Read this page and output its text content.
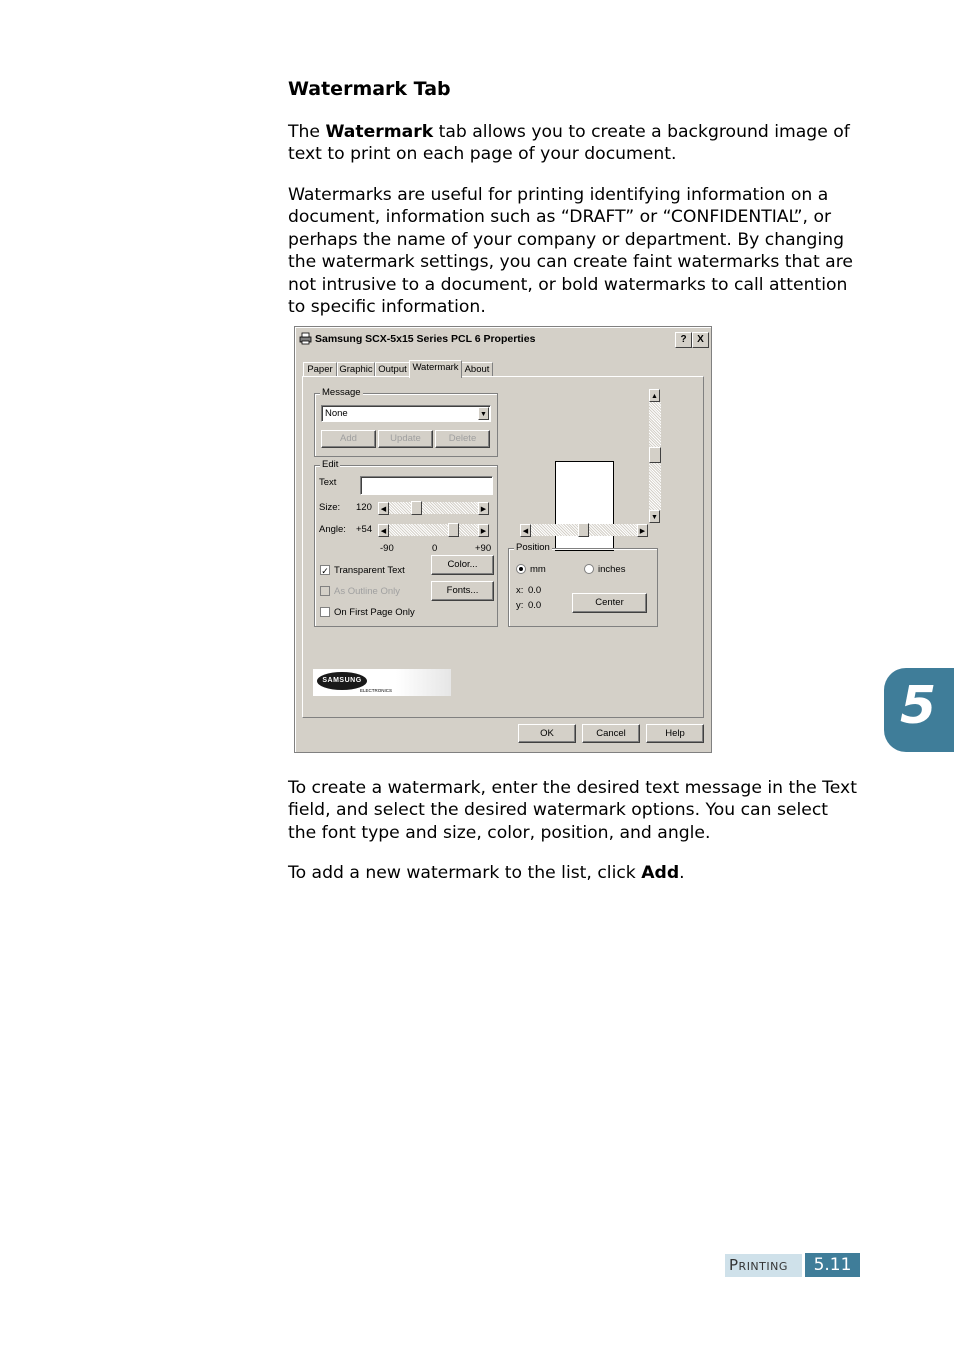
Watermark Tab
The Watermark tab allows you to create a background image of text to print on each page of your document.
Watermarks are useful for printing identifying information on a document, information such as “DRAFT” or “CONFIDENTIAL”, or perhaps the name of your company or department. By changing the watermark settings, you can create faint watermarks that are not intrusive to a document, or bold watermarks to call attention to specific information.
Samsung SCX-5x15 Series PCL 6 Properties	?	X
Paper Graphic Output Watermark About
Message
None	▼
Add	Update	Delete
Edit
Text
Size: 120	◀	▶
Angle: +54	◀	▶
-90	0	+90
✓ Transparent Text
As Outline Only
On First Page Only
Color...
Fonts...
▲
▼
◀	▶
Position
mm	inches
x: 0.0
y: 0.0	Center
SAMSUNG
ELECTRONICS
OK	Cancel	Help	5
To create a watermark, enter the desired text message in the Text field, and select the desired watermark options. You can select the font type and size, color, position, and angle.
To add a new watermark to the list, click Add.
Printing	5.11
